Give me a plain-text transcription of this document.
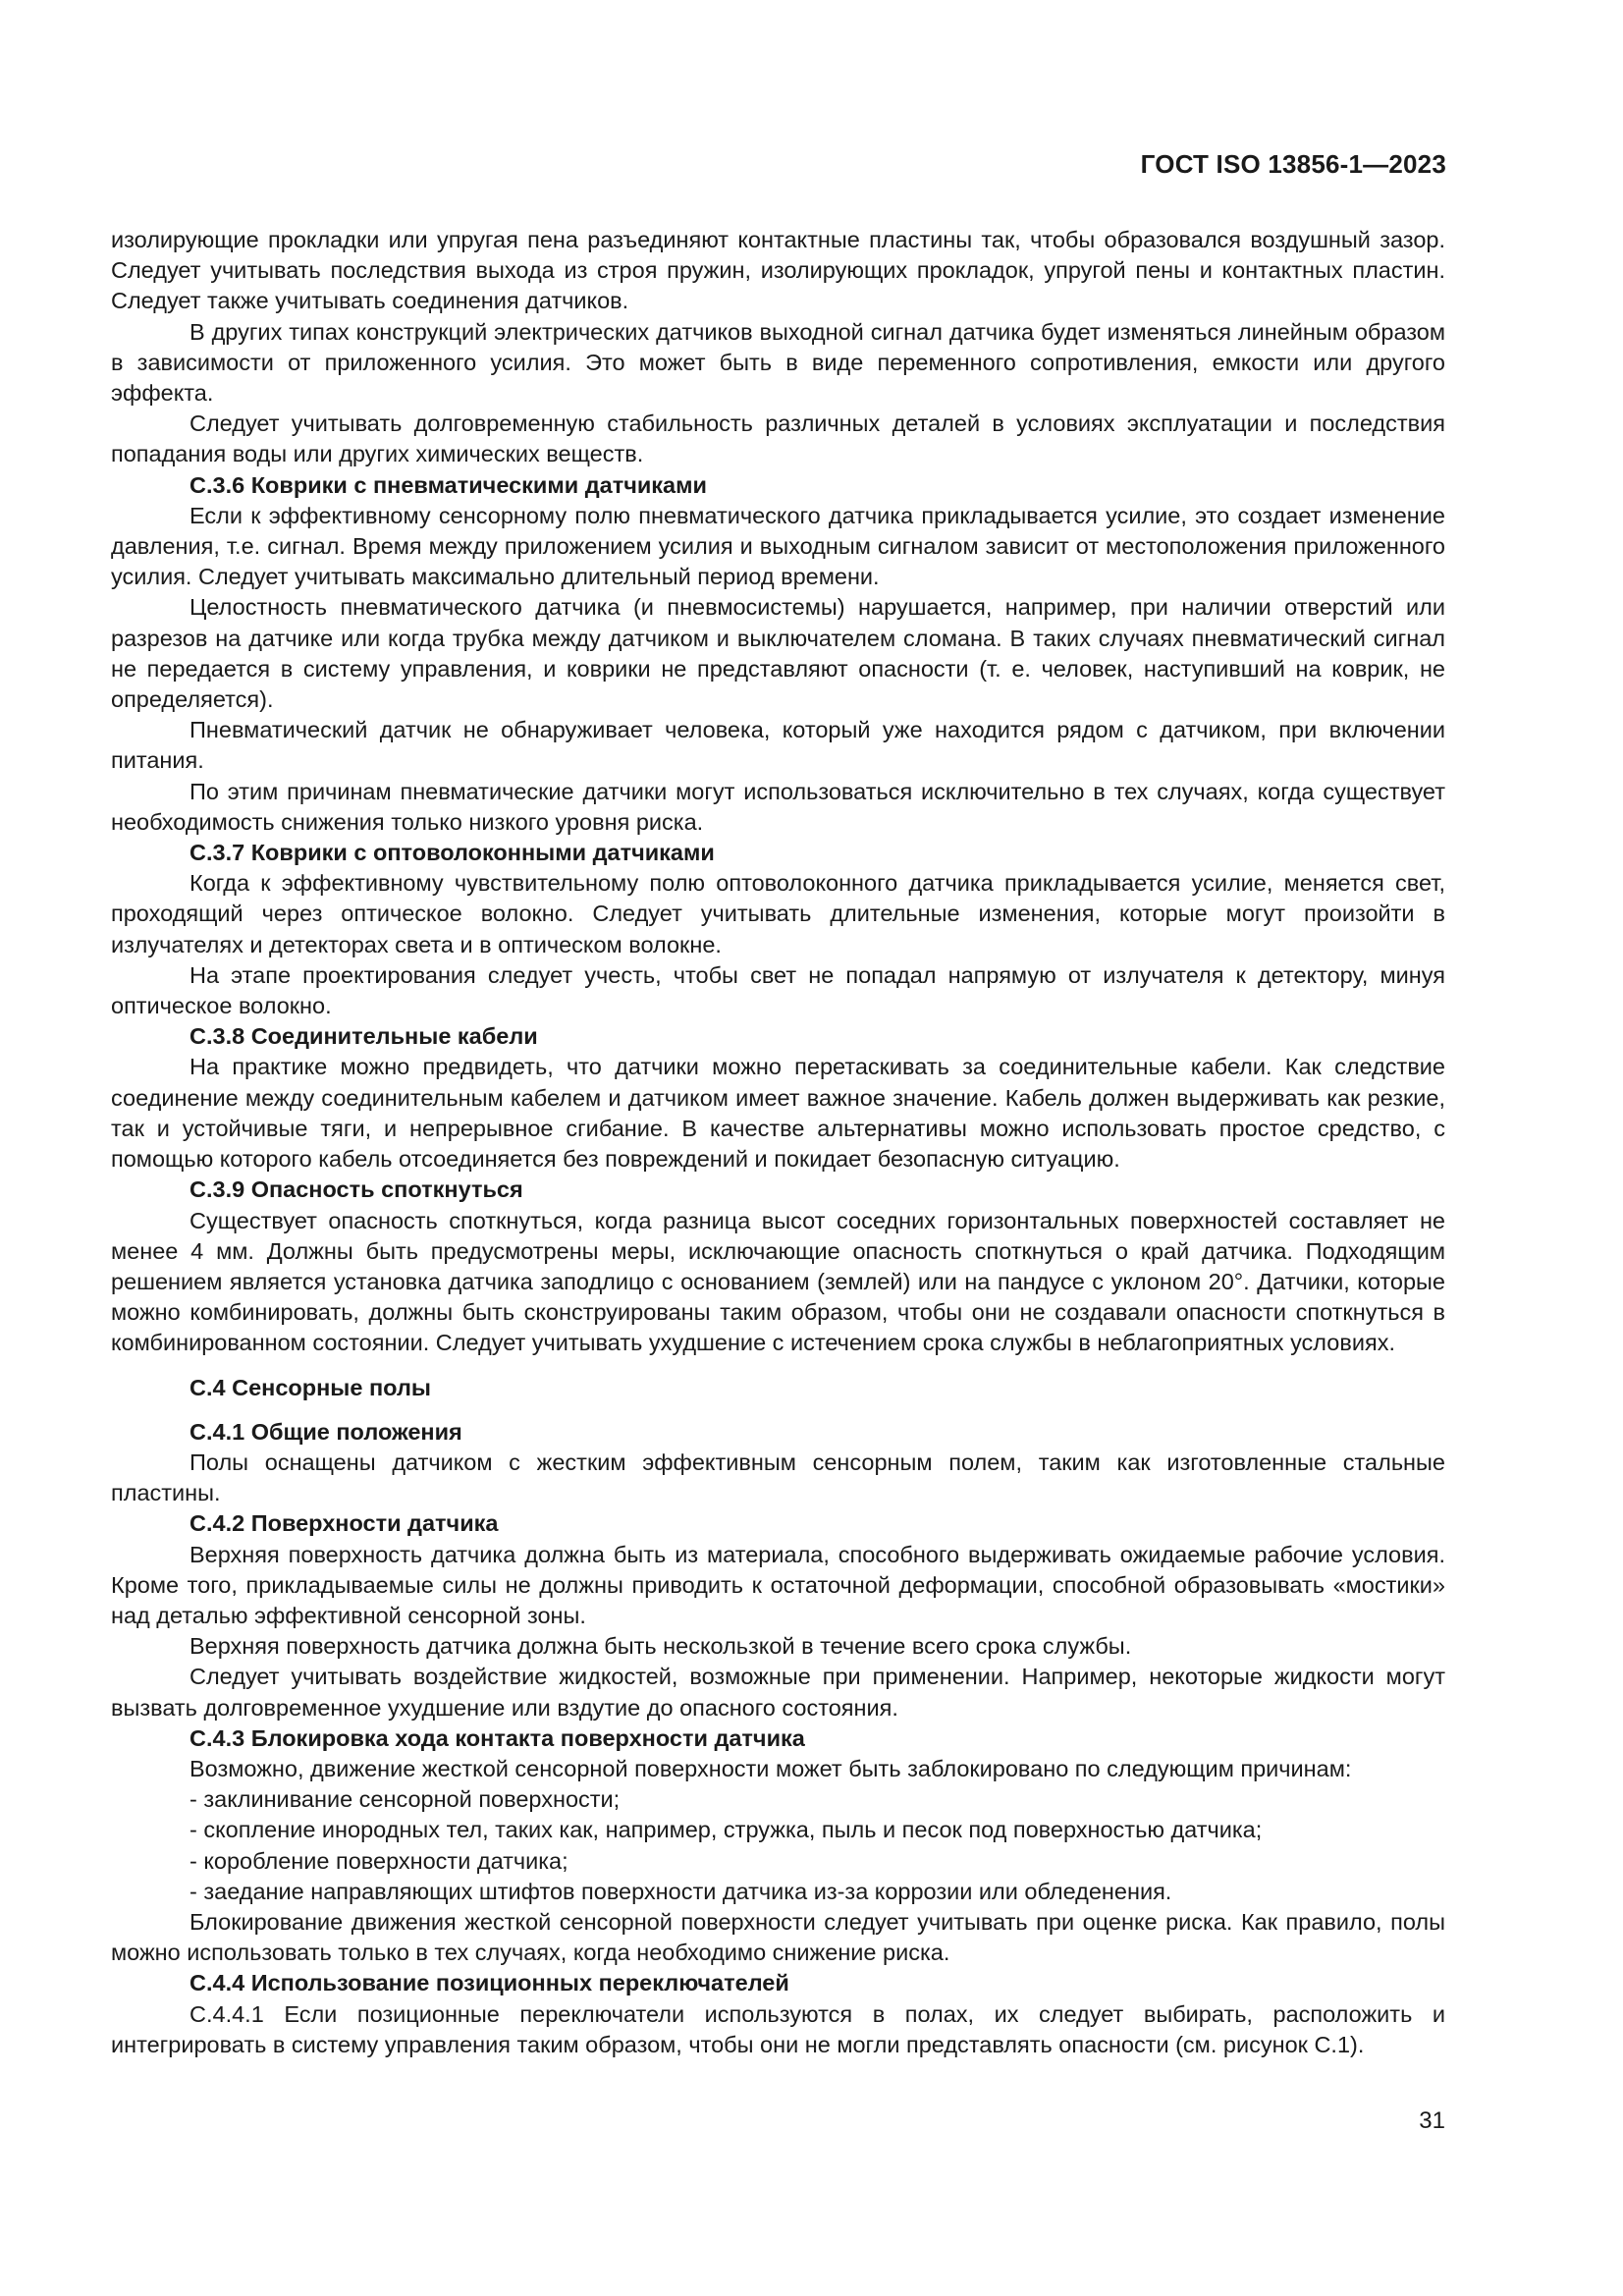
ГОСТ ISO 13856-1—2023

изолирующие прокладки или упругая пена разъединяют контактные пластины так, чтобы образовался воздушный зазор. Следует учитывать последствия выхода из строя пружин, изолирующих прокладок, упругой пены и контактных пластин. Следует также учитывать соединения датчиков.

В других типах конструкций электрических датчиков выходной сигнал датчика будет изменяться линейным образом в зависимости от приложенного усилия. Это может быть в виде переменного сопротивления, емкости или другого эффекта.

Следует учитывать долговременную стабильность различных деталей в условиях эксплуатации и последствия попадания воды или других химических веществ.

С.3.6 Коврики с пневматическими датчиками

Если к эффективному сенсорному полю пневматического датчика прикладывается усилие, это создает изменение давления, т.е. сигнал. Время между приложением усилия и выходным сигналом зависит от местоположения приложенного усилия. Следует учитывать максимально длительный период времени.

Целостность пневматического датчика (и пневмосистемы) нарушается, например, при наличии отверстий или разрезов на датчике или когда трубка между датчиком и выключателем сломана. В таких случаях пневматический сигнал не передается в систему управления, и коврики не представляют опасности (т. е. человек, наступивший на коврик, не определяется).

Пневматический датчик не обнаруживает человека, который уже находится рядом с датчиком, при включении питания.

По этим причинам пневматические датчики могут использоваться исключительно в тех случаях, когда существует необходимость снижения только низкого уровня риска.

С.3.7 Коврики с оптоволоконными датчиками

Когда к эффективному чувствительному полю оптоволоконного датчика прикладывается усилие, меняется свет, проходящий через оптическое волокно. Следует учитывать длительные изменения, которые могут произойти в излучателях и детекторах света и в оптическом волокне.

На этапе проектирования следует учесть, чтобы свет не попадал напрямую от излучателя к детектору, минуя оптическое волокно.

С.3.8 Соединительные кабели

На практике можно предвидеть, что датчики можно перетаскивать за соединительные кабели. Как следствие соединение между соединительным кабелем и датчиком имеет важное значение. Кабель должен выдерживать как резкие, так и устойчивые тяги, и непрерывное сгибание. В качестве альтернативы можно использовать простое средство, с помощью которого кабель отсоединяется без повреждений и покидает безопасную ситуацию.

С.3.9 Опасность споткнуться

Существует опасность споткнуться, когда разница высот соседних горизонтальных поверхностей составляет не менее 4 мм. Должны быть предусмотрены меры, исключающие опасность споткнуться о край датчика. Подходящим решением является установка датчика заподлицо с основанием (землей) или на пандусе с уклоном 20°. Датчики, которые можно комбинировать, должны быть сконструированы таким образом, чтобы они не создавали опасности споткнуться в комбинированном состоянии. Следует учитывать ухудшение с истечением срока службы в неблагоприятных условиях.

С.4 Сенсорные полы

С.4.1 Общие положения

Полы оснащены датчиком с жестким эффективным сенсорным полем, таким как изготовленные стальные пластины.

С.4.2 Поверхности датчика

Верхняя поверхность датчика должна быть из материала, способного выдерживать ожидаемые рабочие условия. Кроме того, прикладываемые силы не должны приводить к остаточной деформации, способной образовывать «мостики» над деталью эффективной сенсорной зоны.

Верхняя поверхность датчика должна быть нескользкой в течение всего срока службы.

Следует учитывать воздействие жидкостей, возможные при применении. Например, некоторые жидкости могут вызвать долговременное ухудшение или вздутие до опасного состояния.

С.4.3 Блокировка хода контакта поверхности датчика

Возможно, движение жесткой сенсорной поверхности может быть заблокировано по следующим причинам:

- заклинивание сенсорной поверхности;

- скопление инородных тел, таких как, например, стружка, пыль и песок под поверхностью датчика;

- коробление поверхности датчика;

- заедание направляющих штифтов поверхности датчика из-за коррозии или обледенения.

Блокирование движения жесткой сенсорной поверхности следует учитывать при оценке риска. Как правило, полы можно использовать только в тех случаях, когда необходимо снижение риска.

С.4.4 Использование позиционных переключателей

С.4.4.1 Если позиционные переключатели используются в полах, их следует выбирать, расположить и интегрировать в систему управления таким образом, чтобы они не могли представлять опасности (см. рисунок С.1).

31
